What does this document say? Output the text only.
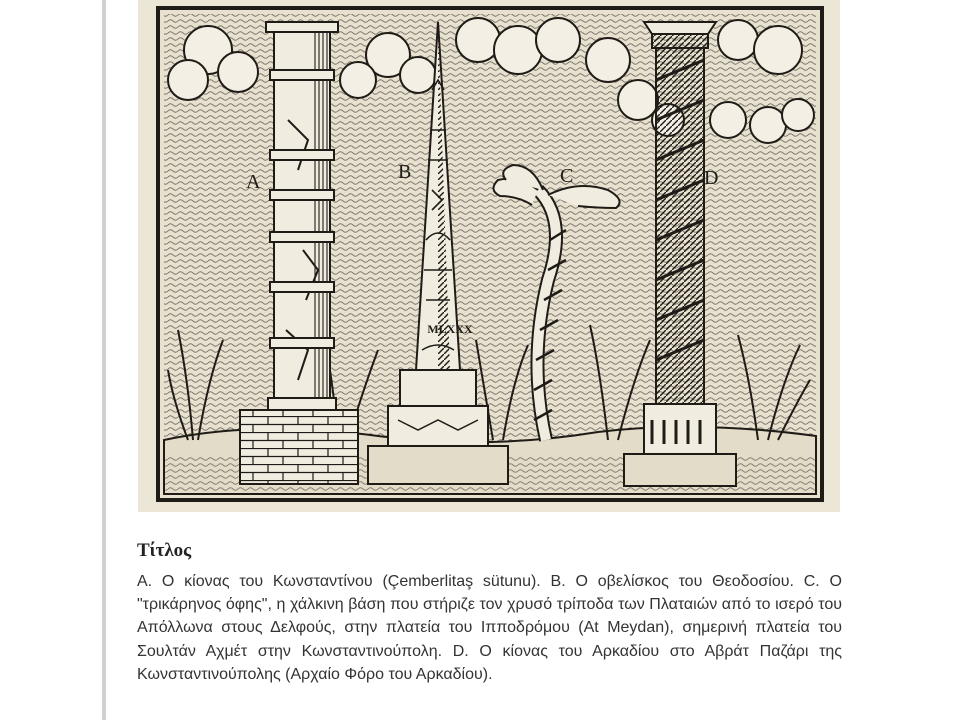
MLXXX
A	B	C	D
Τίτλος

A. Ο κίονας του Κωνσταντίνου (Çemberlitaş sütunu). B. Ο οβελίσκος του Θεοδοσίου. C. Ο "τρικάρηνος όφης", η χάλκινη βάση που στήριζε τον χρυσό τρίποδα των Πλαταιών από το ισερό του Απόλλωνα στους Δελφούς, στην πλατεία του Ιπποδρόμου (At Meydan), σημερινή πλατεία του Σουλτάν Αχμέτ στην Κωνσταντινούπολη. D. Ο κίονας του Αρκαδίου στο Αβράτ Παζάρι της Κωνσταντινούπολης (Αρχαίο Φόρο του Αρκαδίου).
